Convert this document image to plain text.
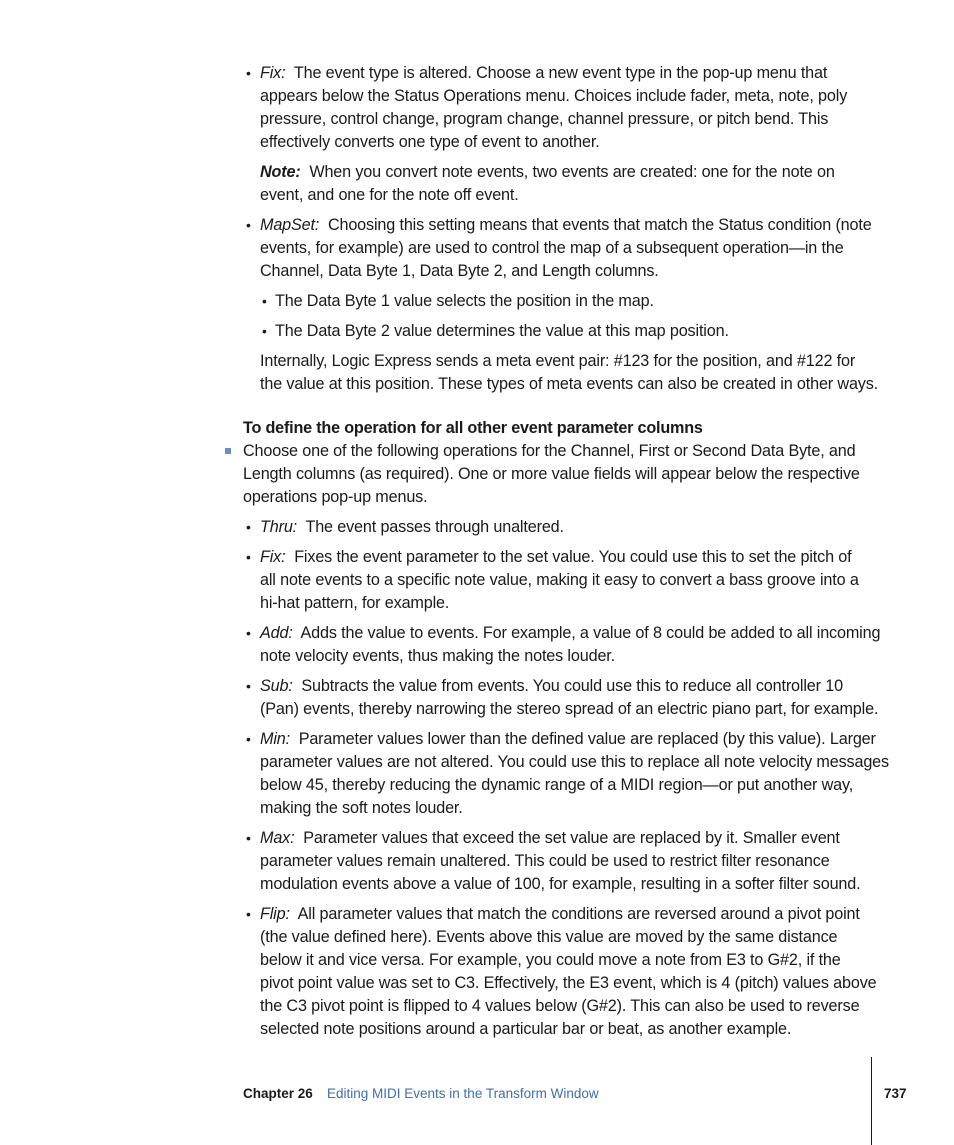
• Fix: The event type is altered. Choose a new event type in the pop-up menu that
appears below the Status Operations menu. Choices include fader, meta, note, poly
pressure, control change, program change, channel pressure, or pitch bend. This
effectively converts one type of event to another.
Note: When you convert note events, two events are created: one for the note on
event, and one for the note off event.
• MapSet: Choosing this setting means that events that match the Status condition (note
events, for example) are used to control the map of a subsequent operation—in the
Channel, Data Byte 1, Data Byte 2, and Length columns.
• The Data Byte 1 value selects the position in the map.
• The Data Byte 2 value determines the value at this map position.
Internally, Logic Express sends a meta event pair: #123 for the position, and #122 for
the value at this position. These types of meta events can also be created in other ways.
To define the operation for all other event parameter columns
Choose one of the following operations for the Channel, First or Second Data Byte, and
Length columns (as required). One or more value fields will appear below the respective
operations pop-up menus.
• Thru: The event passes through unaltered.
• Fix: Fixes the event parameter to the set value. You could use this to set the pitch of
all note events to a specific note value, making it easy to convert a bass groove into a
hi-hat pattern, for example.
• Add: Adds the value to events. For example, a value of 8 could be added to all incoming
note velocity events, thus making the notes louder.
• Sub: Subtracts the value from events. You could use this to reduce all controller 10
(Pan) events, thereby narrowing the stereo spread of an electric piano part, for example.
• Min: Parameter values lower than the defined value are replaced (by this value). Larger
parameter values are not altered. You could use this to replace all note velocity messages
below 45, thereby reducing the dynamic range of a MIDI region—or put another way,
making the soft notes louder.
• Max: Parameter values that exceed the set value are replaced by it. Smaller event
parameter values remain unaltered. This could be used to restrict filter resonance
modulation events above a value of 100, for example, resulting in a softer filter sound.
• Flip: All parameter values that match the conditions are reversed around a pivot point
(the value defined here). Events above this value are moved by the same distance
below it and vice versa. For example, you could move a note from E3 to G#2, if the
pivot point value was set to C3. Effectively, the E3 event, which is 4 (pitch) values above
the C3 pivot point is flipped to 4 values below (G#2). This can also be used to reverse
selected note positions around a particular bar or beat, as another example.
Chapter 26 Editing MIDI Events in the Transform Window	737
